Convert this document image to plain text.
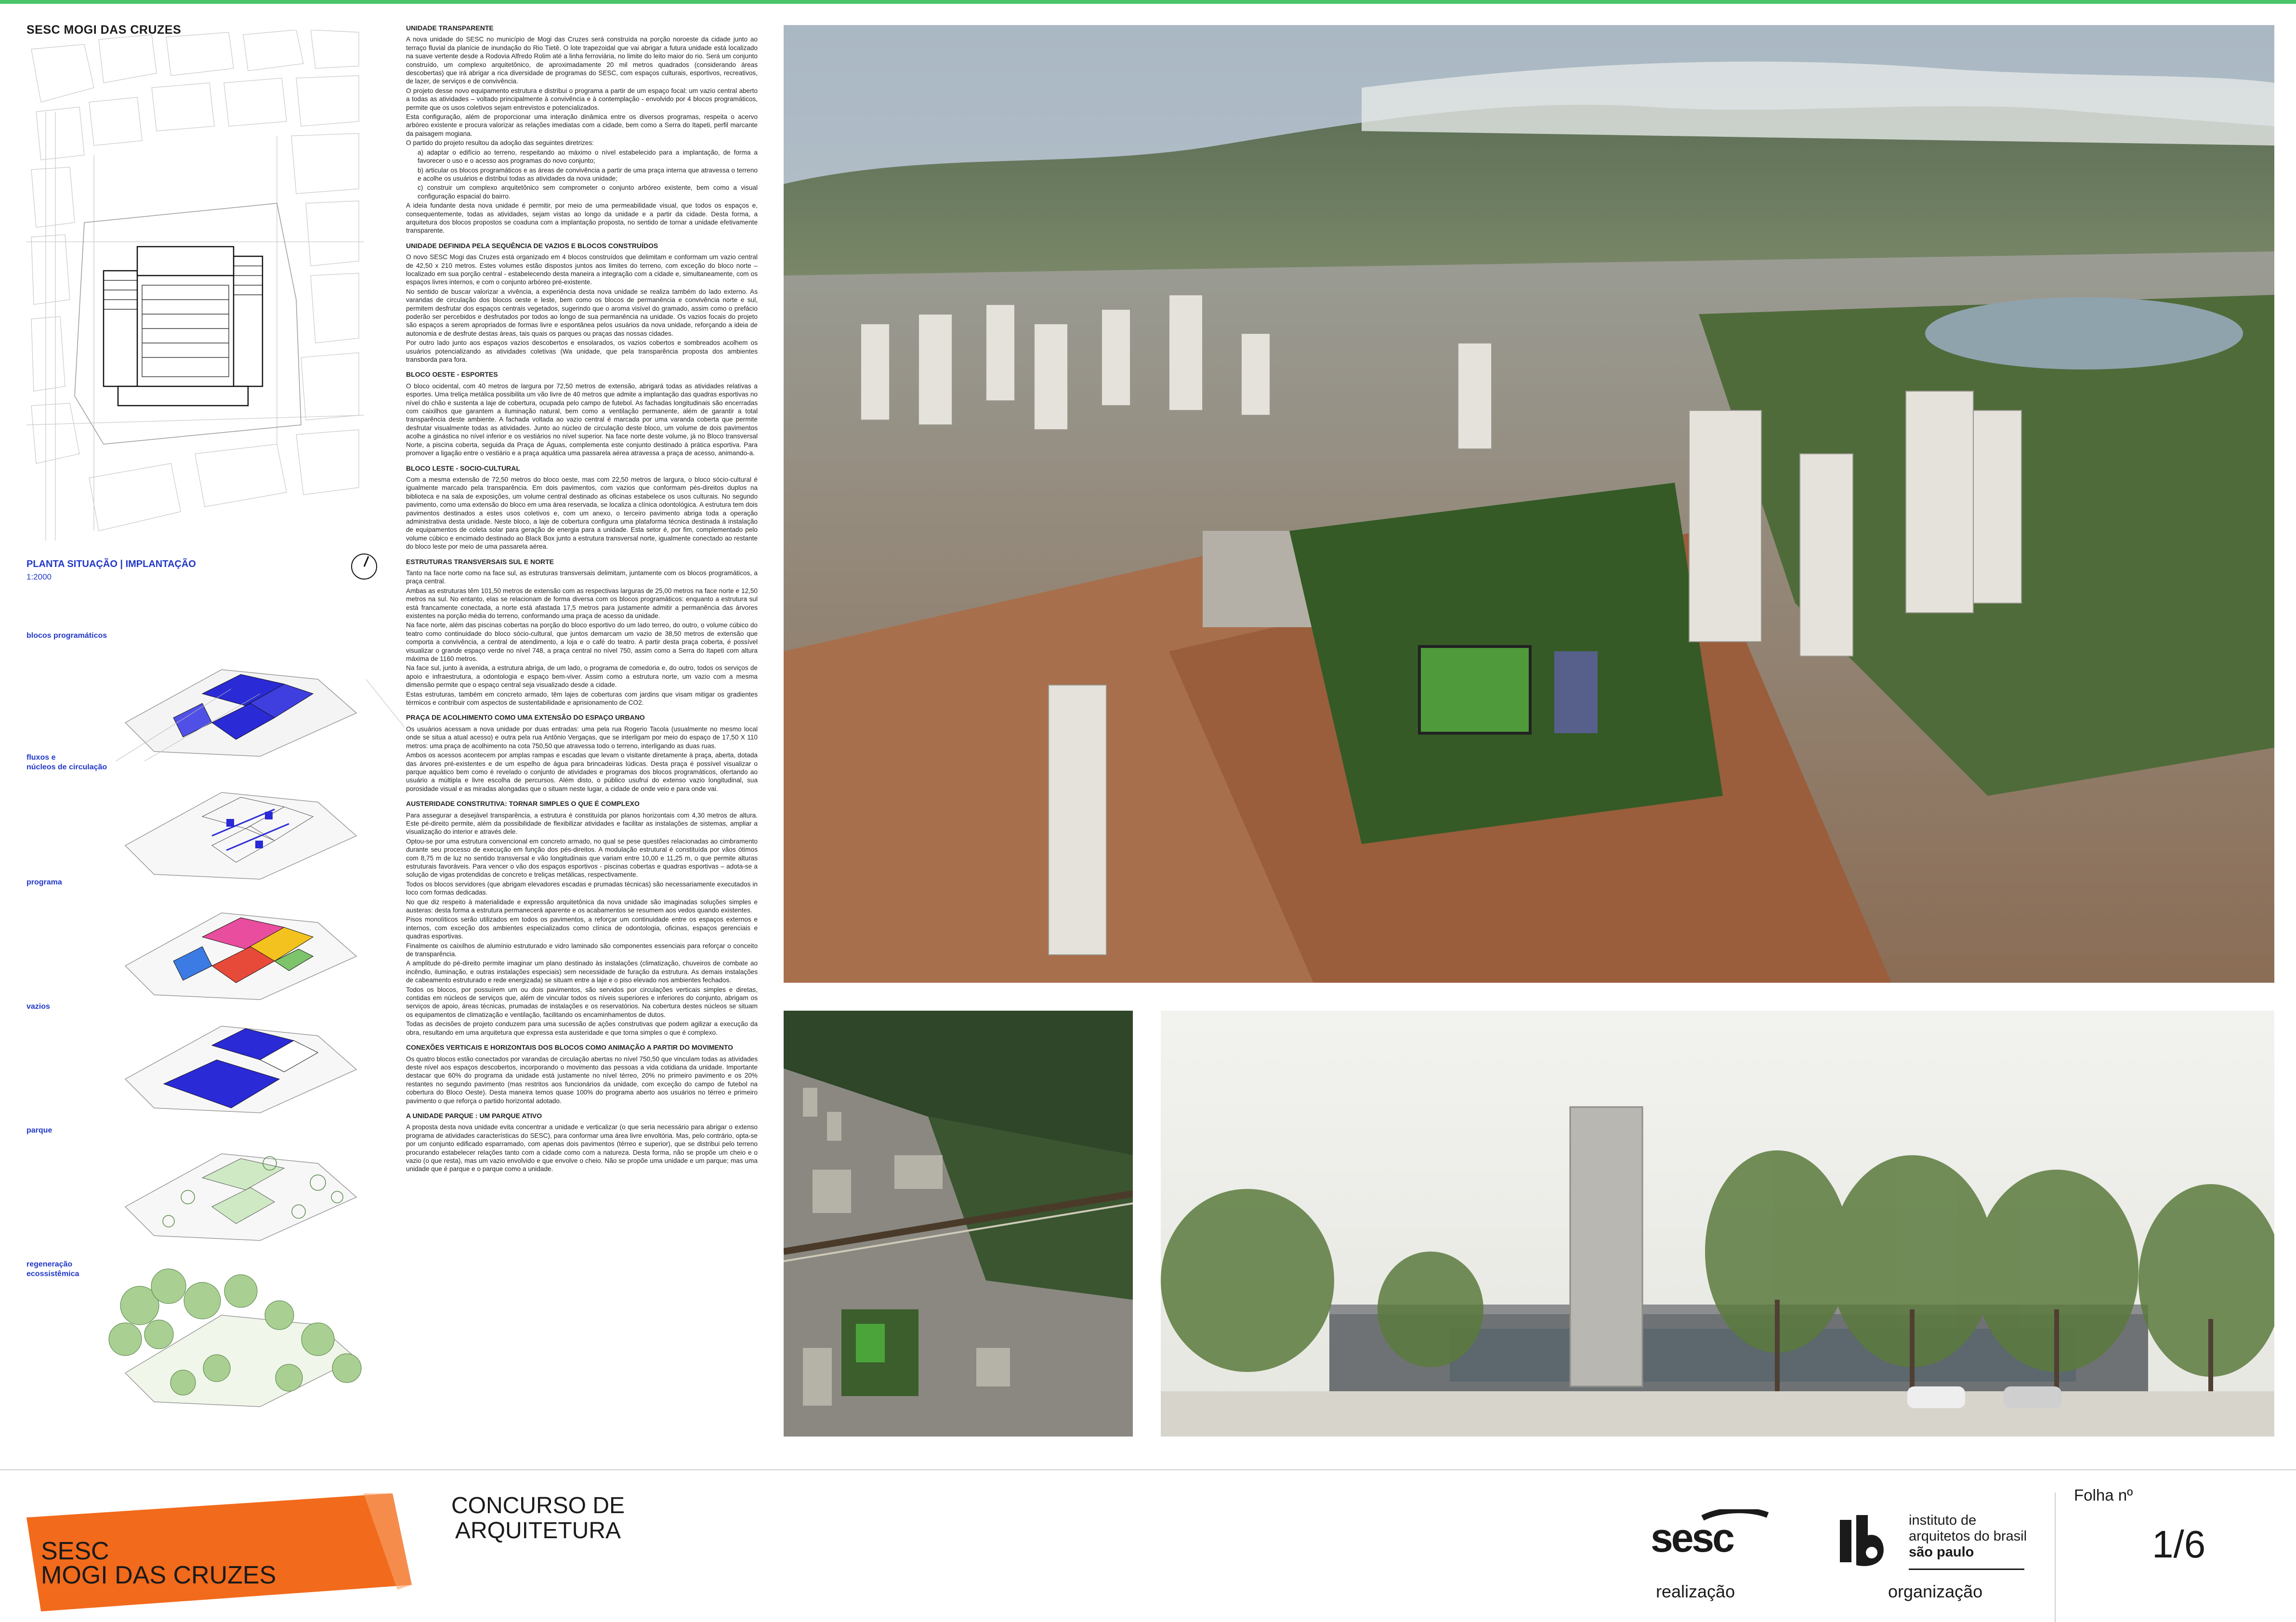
SESC MOGI DAS CRUZES
PLANTA SITUAÇÃO | IMPLANTAÇÃO
1:2000
blocos programáticos
fluxos e
núcleos de circulação
programa
vazios
parque
regeneração
ecossistêmica
UNIDADE TRANSPARENTE

A nova unidade do SESC no município de Mogi das Cruzes será construída na porção noroeste da cidade junto ao terraço fluvial da planície de inundação do Rio Tietê. O lote trapezoidal que vai abrigar a futura unidade está localizado na suave vertente desde a Rodovia Alfredo Rolim até a linha ferroviária, no limite do leito maior do rio. Será um conjunto construído, um complexo arquitetônico, de aproximadamente 20 mil metros quadrados (considerando áreas descobertas) que irá abrigar a rica diversidade de programas do SESC, com espaços culturais, esportivos, recreativos, de lazer, de serviços e de convivência.

O projeto desse novo equipamento estrutura e distribui o programa a partir de um espaço focal: um vazio central aberto a todas as atividades – voltado principalmente à convivência e à contemplação - envolvido por 4 blocos programáticos, permite que os usos coletivos sejam entrevistos e potencializados.

Esta configuração, além de proporcionar uma interação dinâmica entre os diversos programas, respeita o acervo arbóreo existente e procura valorizar as relações imediatas com a cidade, bem como a Serra do Itapeti, perfil marcante da paisagem mogiana.

O partido do projeto resultou da adoção das seguintes diretrizes:

a) adaptar o edifício ao terreno, respeitando ao máximo o nível estabelecido para a implantação, de forma a favorecer o uso e o acesso aos programas do novo conjunto;

b) articular os blocos programáticos e as áreas de convivência a partir de uma praça interna que atravessa o terreno e acolhe os usuários e distribui todas as atividades da nova unidade;

c) construir um complexo arquitetônico sem comprometer o conjunto arbóreo existente, bem como a visual configuração espacial do bairro.

A ideia fundante desta nova unidade é permitir, por meio de uma permeabilidade visual, que todos os espaços e, consequentemente, todas as atividades, sejam vistas ao longo da unidade e a partir da cidade. Desta forma, a arquitetura dos blocos propostos se coaduna com a implantação proposta, no sentido de tornar a unidade efetivamente transparente.

UNIDADE DEFINIDA PELA SEQUÊNCIA DE VAZIOS E BLOCOS CONSTRUÍDOS

O novo SESC Mogi das Cruzes está organizado em 4 blocos construídos que delimitam e conformam um vazio central de 42,50 x 210 metros. Estes volumes estão dispostos juntos aos limites do terreno, com exceção do bloco norte – localizado em sua porção central - estabelecendo desta maneira a integração com a cidade e, simultaneamente, com os espaços livres internos, e com o conjunto arbóreo pré-existente.

No sentido de buscar valorizar a vivência, a experiência desta nova unidade se realiza também do lado externo. As varandas de circulação dos blocos oeste e leste, bem como os blocos de permanência e convivência norte e sul, permitem desfrutar dos espaços centrais vegetados, sugerindo que o aroma visível do gramado, assim como o prefácio poderão ser percebidos e desfrutados por todos ao longo de sua permanência na unidade. Os vazios focais do projeto são espaços a serem apropriados de formas livre e espontânea pelos usuários da nova unidade, reforçando a ideia de autonomia e de desfrute destas áreas, tais quais os parques ou praças das nossas cidades.

Por outro lado junto aos espaços vazios descobertos e ensolarados, os vazios cobertos e sombreados acolhem os usuários potencializando as atividades coletivas (Wa unidade, que pela transparência proposta dos ambientes transborda para fora.

BLOCO OESTE - ESPORTES

O bloco ocidental, com 40 metros de largura por 72,50 metros de extensão, abrigará todas as atividades relativas a esportes. Uma treliça metálica possibilita um vão livre de 40 metros que admite a implantação das quadras esportivas no nível do chão e sustenta a laje de cobertura, ocupada pelo campo de futebol. As fachadas longitudinais são encerradas com caixilhos que garantem a iluminação natural, bem como a ventilação permanente, além de garantir a total transparência deste ambiente. A fachada voltada ao vazio central é marcada por uma varanda coberta que permite desfrutar visualmente todas as atividades. Junto ao núcleo de circulação deste bloco, um volume de dois pavimentos acolhe a ginástica no nível inferior e os vestiários no nível superior. Na face norte deste volume, já no Bloco transversal Norte, a piscina coberta, seguida da Praça de Águas, complementa este conjunto destinado à prática esportiva. Para promover a ligação entre o vestiário e a praça aquática uma passarela aérea atravessa a praça de acesso, animando-a.

BLOCO LESTE - SOCIO-CULTURAL

Com a mesma extensão de 72,50 metros do bloco oeste, mas com 22,50 metros de largura, o bloco sócio-cultural é igualmente marcado pela transparência. Em dois pavimentos, com vazios que conformam pés-direitos duplos na biblioteca e na sala de exposições, um volume central destinado as oficinas estabelece os usos culturais. No segundo pavimento, como uma extensão do bloco em uma área reservada, se localiza a clínica odontológica. A estrutura tem dois pavimentos destinados a estes usos coletivos e, com um anexo, o terceiro pavimento abriga toda a operação administrativa desta unidade. Neste bloco, a laje de cobertura configura uma plataforma técnica destinada à instalação de equipamentos de coleta solar para geração de energia para a unidade. Esta setor é, por fim, complementado pelo volume cúbico e encimado destinado ao Black Box junto a estrutura transversal norte, igualmente conectado ao restante do bloco leste por meio de uma passarela aérea.

ESTRUTURAS TRANSVERSAIS SUL E NORTE

Tanto na face norte como na face sul, as estruturas transversais delimitam, juntamente com os blocos programáticos, a praça central.

Ambas as estruturas têm 101,50 metros de extensão com as respectivas larguras de 25,00 metros na face norte e 12,50 metros na sul. No entanto, elas se relacionam de forma diversa com os blocos programáticos: enquanto a estrutura sul está francamente conectada, a norte está afastada 17,5 metros para justamente admitir a permanência das árvores existentes na porção média do terreno, conformando uma praça de acesso da unidade.

Na face norte, além das piscinas cobertas na porção do bloco esportivo do um lado terreo, do outro, o volume cúbico do teatro como continuidade do bloco sócio-cultural, que juntos demarcam um vazio de 38,50 metros de extensão que comporta a convivência, a central de atendimento, a loja e o café do teatro. A partir desta praça coberta, é possível visualizar o grande espaço verde no nível 748, a praça central no nível 750, assim como a Serra do Itapeti com altura máxima de 1160 metros.

Na face sul, junto à avenida, a estrutura abriga, de um lado, o programa de comedoria e, do outro, todos os serviços de apoio e infraestrutura, a odontologia e espaço bem-viver. Assim como a estrutura norte, um vazio com a mesma dimensão permite que o espaço central seja visualizado desde a cidade.

Estas estruturas, também em concreto armado, têm lajes de coberturas com jardins que visam mitigar os gradientes térmicos e contribuir com aspectos de sustentabilidade e aprisionamento de CO2.

PRAÇA DE ACOLHIMENTO COMO UMA EXTENSÃO DO ESPAÇO URBANO

Os usuários acessam a nova unidade por duas entradas: uma pela rua Rogerio Tacola (usualmente no mesmo local onde se situa a atual acesso) e outra pela rua Antônio Vergaças, que se interligam por meio do espaço de 17,50 X 110 metros: uma praça de acolhimento na cota 750,50 que atravessa todo o terreno, interligando as duas ruas.

Ambos os acessos acontecem por amplas rampas e escadas que levam o visitante diretamente à praça, aberta, dotada das árvores pré-existentes e de um espelho de água para brincadeiras lúdicas. Desta praça é possível visualizar o parque aquático bem como é revelado o conjunto de atividades e programas dos blocos programáticos, ofertando ao usuário a múltipla e livre escolha de percursos. Além disto, o público usufrui do extenso vazio longitudinal, sua porosidade visual e as miradas alongadas que o situam neste lugar, a cidade de onde veio e para onde vai.

AUSTERIDADE CONSTRUTIVA: TORNAR SIMPLES O QUE É COMPLEXO

Para assegurar a desejável transparência, a estrutura é constituída por planos horizontais com 4,30 metros de altura. Este pé-direito permite, além da possibilidade de flexibilizar atividades e facilitar as instalações de sistemas, ampliar a visualização do interior e através dele.

Optou-se por uma estrutura convencional em concreto armado, no qual se pese questões relacionadas ao cimbramento durante seu processo de execução em função dos pés-direitos. A modulação estrutural é constituída por vãos ótimos com 8,75 m de luz no sentido transversal e vão longitudinais que variam entre 10,00 e 11,25 m, o que permite alturas estruturais favoráveis. Para vencer o vão dos espaços esportivos - piscinas cobertas e quadras esportivas – adota-se a solução de vigas protendidas de concreto e treliças metálicas, respectivamente.

Todos os blocos servidores (que abrigam elevadores escadas e prumadas técnicas) são necessariamente executados in loco com formas dedicadas.

No que diz respeito à materialidade e expressão arquitetônica da nova unidade são imaginadas soluções simples e austeras: desta forma a estrutura permanecerá aparente e os acabamentos se resumem aos vedos quando existentes.

Pisos monolíticos serão utilizados em todos os pavimentos, a reforçar um continuidade entre os espaços externos e internos, com exceção dos ambientes especializados como clínica de odontologia, oficinas, espaços gerenciais e quadras esportivas.

Finalmente os caixilhos de alumínio estruturado e vidro laminado são componentes essenciais para reforçar o conceito de transparência.

A amplitude do pé-direito permite imaginar um plano destinado às instalações (climatização, chuveiros de combate ao incêndio, iluminação, e outras instalações especiais) sem necessidade de furação da estrutura. As demais instalações de cabeamento estruturado e rede energizada) se situam entre a laje e o piso elevado nos ambientes fechados.

Todos os blocos, por possuírem um ou dois pavimentos, são servidos por circulações verticais simples e diretas, contidas em núcleos de serviços que, além de vincular todos os níveis superiores e inferiores do conjunto, abrigam os serviços de apoio, áreas técnicas, prumadas de instalações e os reservatórios. Na cobertura destes núcleos se situam os equipamentos de climatização e ventilação, facilitando os encaminhamentos de dutos.

Todas as decisões de projeto conduzem para uma sucessão de ações construtivas que podem agilizar a execução da obra, resultando em uma arquitetura que expressa esta austeridade e que torna simples o que é complexo.

CONEXÕES VERTICAIS E HORIZONTAIS DOS BLOCOS COMO ANIMAÇÃO A PARTIR DO MOVIMENTO

Os quatro blocos estão conectados por varandas de circulação abertas no nível 750,50 que vinculam todas as atividades deste nível aos espaços descobertos, incorporando o movimento das pessoas a vida cotidiana da unidade. Importante destacar que 60% do programa da unidade está justamente no nível térreo, 20% no primeiro pavimento e os 20% restantes no segundo pavimento (mas restritos aos funcionários da unidade, com exceção do campo de futebol na cobertura do Bloco Oeste). Desta maneira temos quase 100% do programa aberto aos usuários no térreo e primeiro pavimento o que reforça o partido horizontal adotado.

A UNIDADE PARQUE : UM PARQUE ATIVO

A proposta desta nova unidade evita concentrar a unidade e verticalizar (o que seria necessário para abrigar o extenso programa de atividades características do SESC), para conformar uma área livre envoltória. Mas, pelo contrário, opta-se por um conjunto edificado esparramado, com apenas dois pavimentos (térreo e superior), que se distribui pelo terreno procurando estabelecer relações tanto com a cidade como com a natureza. Desta forma, não se propõe um cheio e o vazio (o que resta), mas um vazio envolvido e que envolve o cheio. Não se propõe uma unidade e um parque; mas uma unidade que é parque e o parque como a unidade.

SESC
MOGI DAS CRUZES
CONCURSO DE
ARQUITETURA	sesc
realização
instituto de
arquitetos do brasil
são paulo
organização
Folha nº
1/6
